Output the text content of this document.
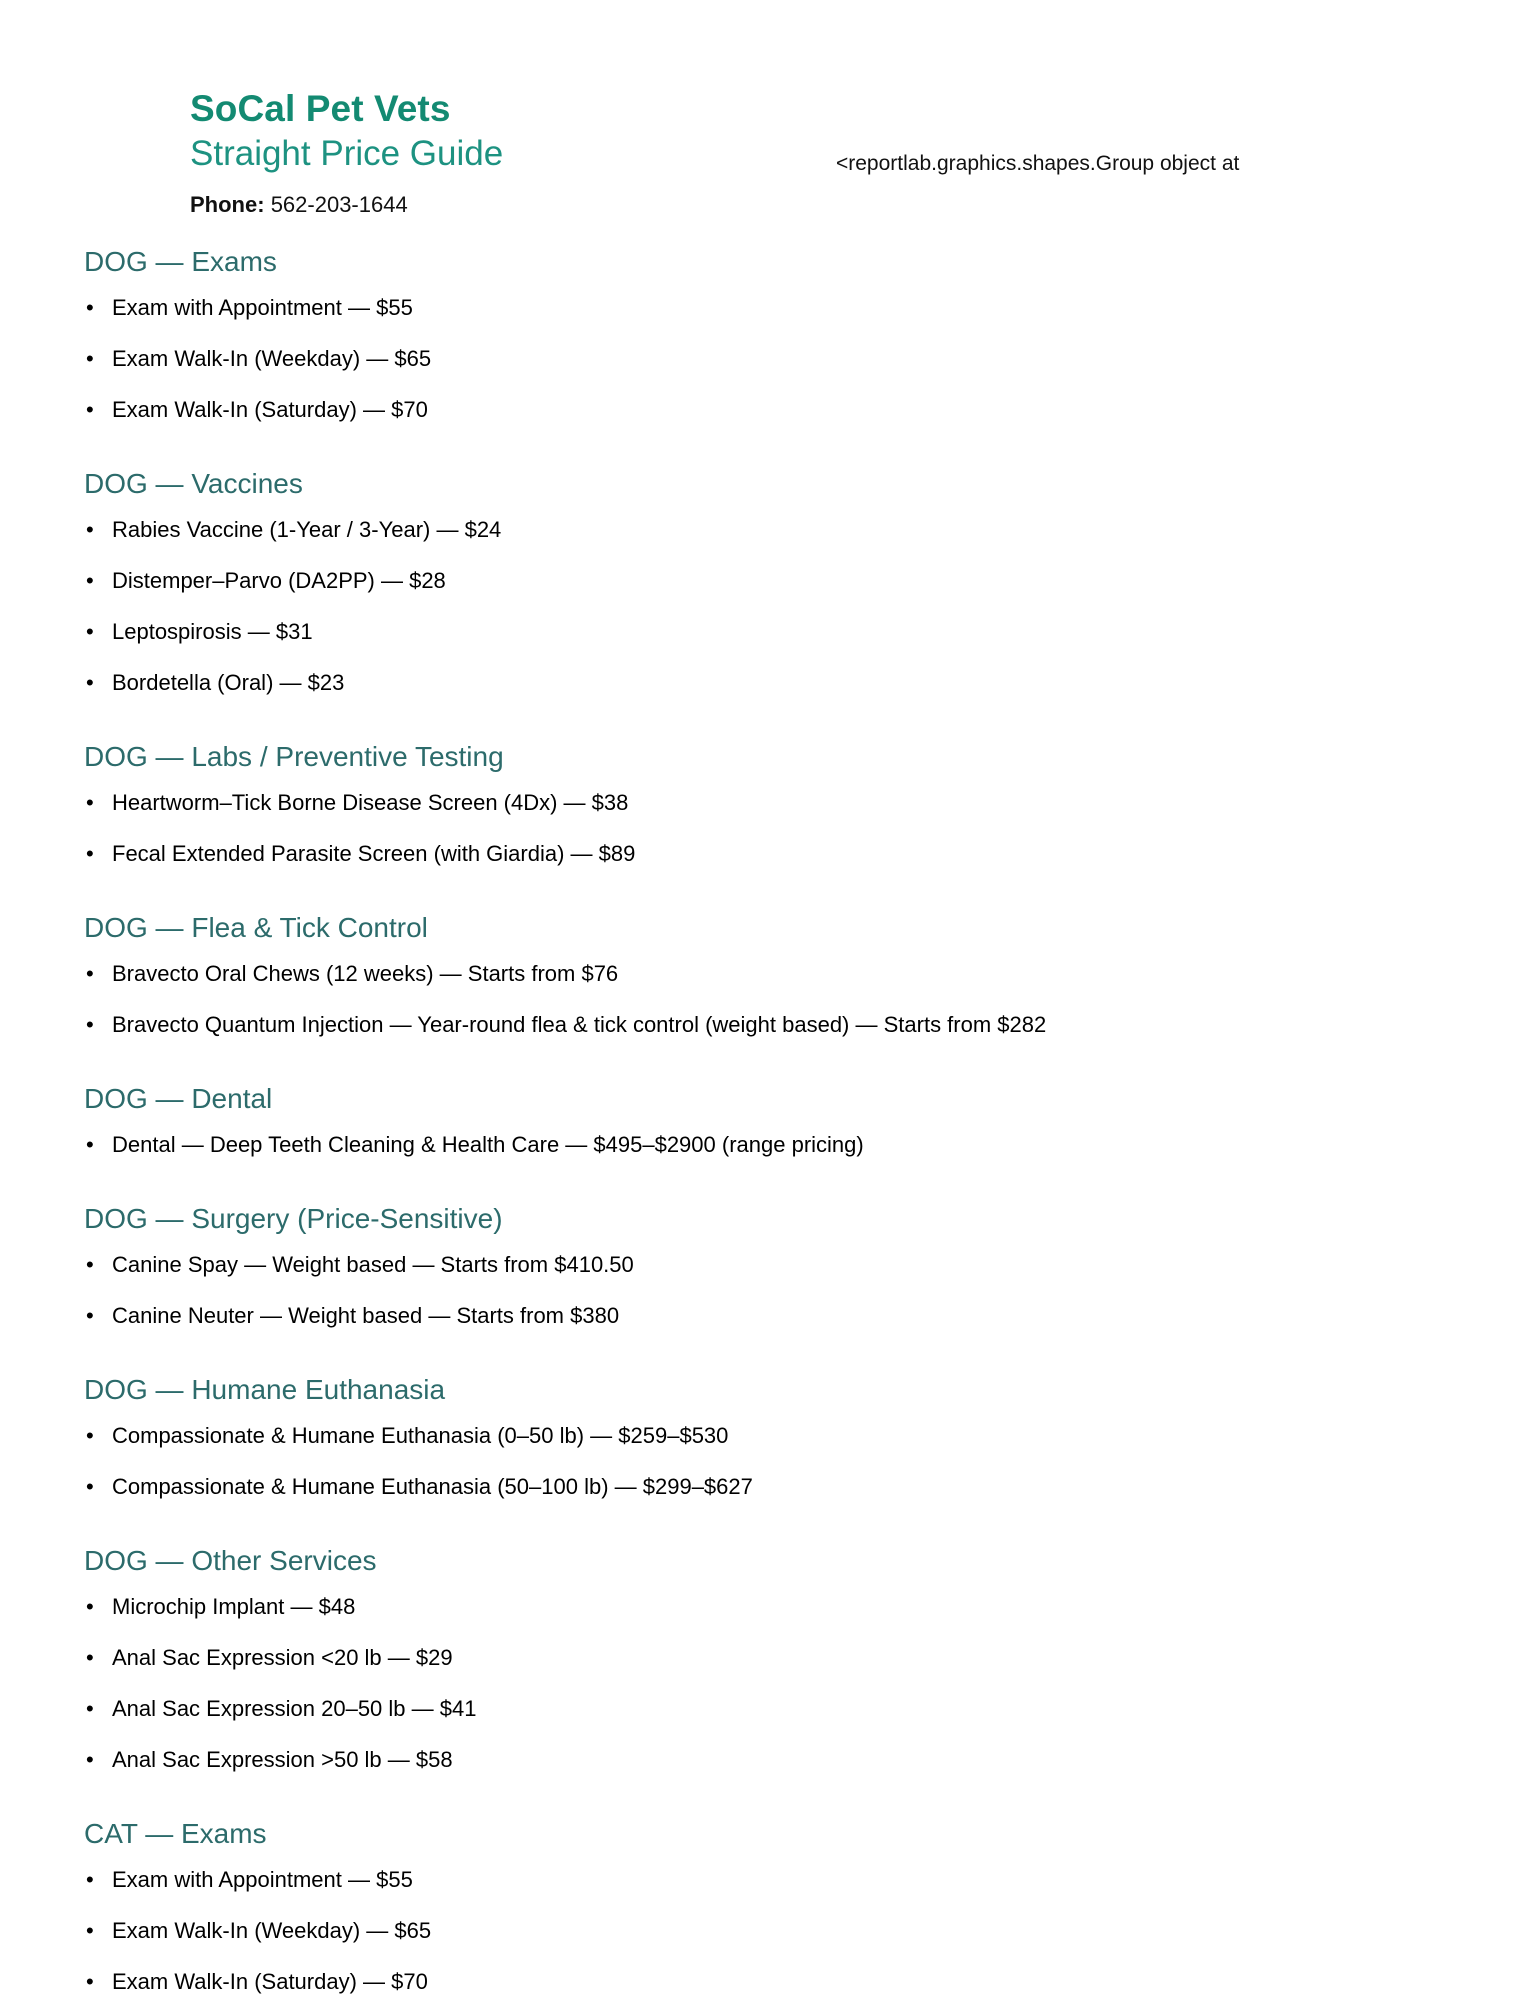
SoCal Pet Vets
Straight Price Guide
Phone: 562-203-1644
<reportlab.graphics.shapes.Group object at
DOG — Exams
• Exam with Appointment — $55
• Exam Walk-In (Weekday) — $65
• Exam Walk-In (Saturday) — $70
DOG — Vaccines
• Rabies Vaccine (1-Year / 3-Year) — $24
• Distemper–Parvo (DA2PP) — $28
• Leptospirosis — $31
• Bordetella (Oral) — $23
DOG — Labs / Preventive Testing
• Heartworm–Tick Borne Disease Screen (4Dx) — $38
• Fecal Extended Parasite Screen (with Giardia) — $89
DOG — Flea & Tick Control
• Bravecto Oral Chews (12 weeks) — Starts from $76
• Bravecto Quantum Injection — Year-round flea & tick control (weight based) — Starts from $282
DOG — Dental
• Dental — Deep Teeth Cleaning & Health Care — $495–$2900 (range pricing)
DOG — Surgery (Price-Sensitive)
• Canine Spay — Weight based — Starts from $410.50
• Canine Neuter — Weight based — Starts from $380
DOG — Humane Euthanasia
• Compassionate & Humane Euthanasia (0–50 lb) — $259–$530
• Compassionate & Humane Euthanasia (50–100 lb) — $299–$627
DOG — Other Services
• Microchip Implant — $48
• Anal Sac Expression <20 lb — $29
• Anal Sac Expression 20–50 lb — $41
• Anal Sac Expression >50 lb — $58
CAT — Exams
• Exam with Appointment — $55
• Exam Walk-In (Weekday) — $65
• Exam Walk-In (Saturday) — $70
